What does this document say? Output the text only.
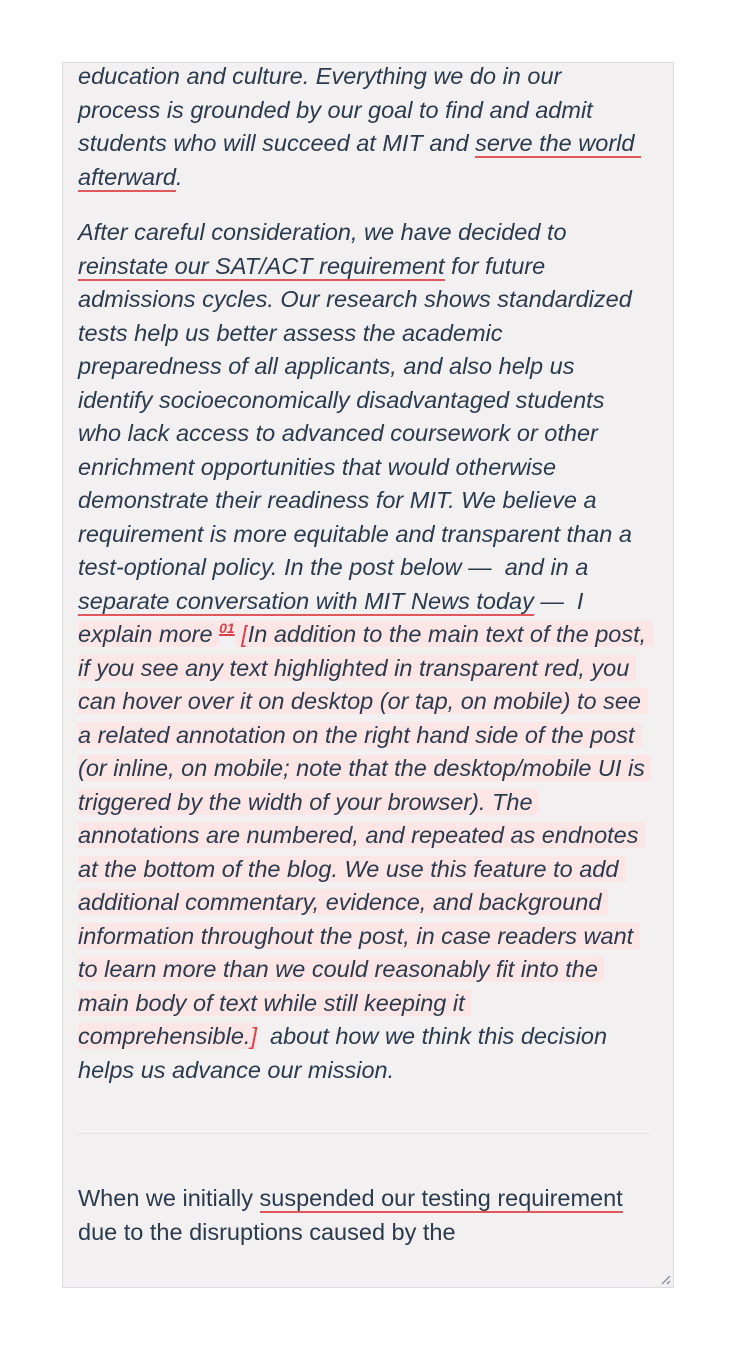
education and culture. Everything we do in our process is grounded by our goal to find and admit students who will succeed at MIT and serve the world afterward.

After careful consideration, we have decided to reinstate our SAT/ACT requirement for future admissions cycles. Our research shows standardized tests help us better assess the academic preparedness of all applicants, and also help us identify socioeconomically disadvantaged students who lack access to advanced coursework or other enrichment opportunities that would otherwise demonstrate their readiness for MIT. We believe a requirement is more equitable and transparent than a test-optional policy. In the post below —  and in a separate conversation with MIT News today —  I explain more $^{01}$ [In addition to the main text of the post, if you see any text highlighted in transparent red, you can hover over it on desktop (or tap, on mobile) to see a related annotation on the right hand side of the post (or inline, on mobile; note that the desktop/mobile UI is triggered by the width of your browser). The annotations are numbered, and repeated as endnotes at the bottom of the blog. We use this feature to add additional commentary, evidence, and background information throughout the post, in case readers want to learn more than we could reasonably fit into the main body of text while still keeping it comprehensible.]  about how we think this decision helps us advance our mission.

When we initially suspended our testing requirement due to the disruptions caused by the
